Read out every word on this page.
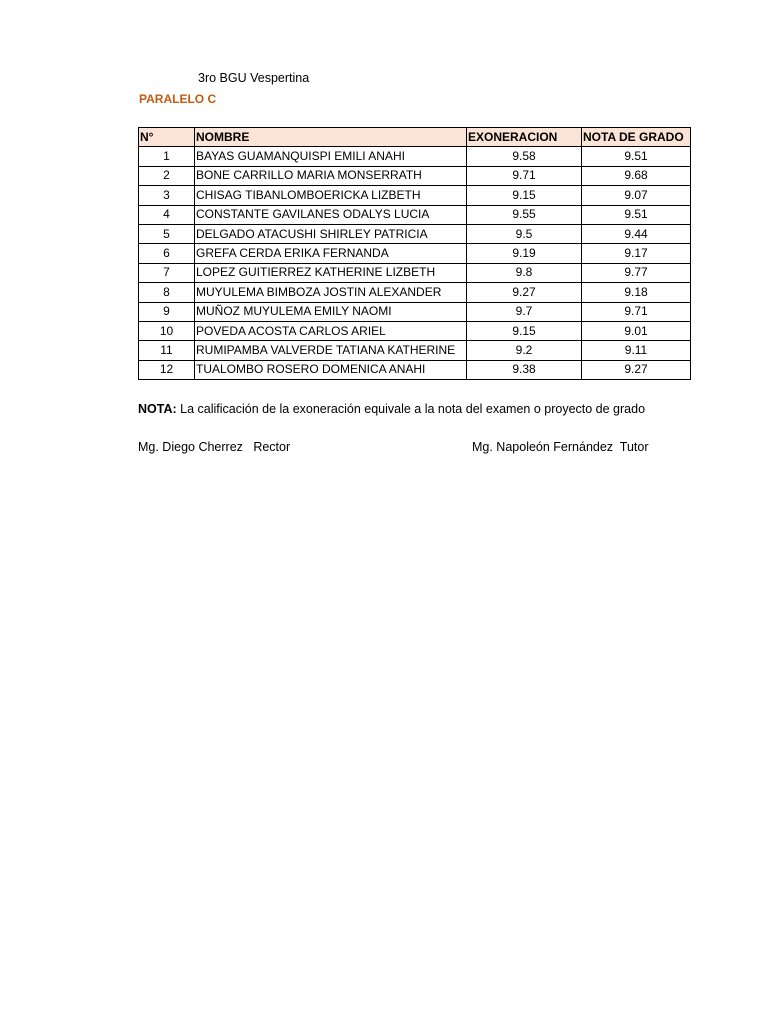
3ro BGU Vespertina
PARALELO C
N°	NOMBRE	EXONERACION	NOTA DE GRADO
1	BAYAS GUAMANQUISPI EMILI ANAHI	9.58	9.51
2	BONE CARRILLO MARIA MONSERRATH	9.71	9.68
3	CHISAG TIBANLOMBOERICKA LIZBETH	9.15	9.07
4	CONSTANTE GAVILANES ODALYS LUCIA	9.55	9.51
5	DELGADO ATACUSHI SHIRLEY PATRICIA	9.5	9.44
6	GREFA CERDA ERIKA FERNANDA	9.19	9.17
7	LOPEZ GUITIERREZ KATHERINE LIZBETH	9.8	9.77
8	MUYULEMA BIMBOZA JOSTIN ALEXANDER	9.27	9.18
9	MUÑOZ MUYULEMA EMILY NAOMI	9.7	9.71
10	POVEDA ACOSTA CARLOS ARIEL	9.15	9.01
11	RUMIPAMBA VALVERDE TATIANA KATHERINE	9.2	9.11
12	TUALOMBO ROSERO DOMENICA ANAHI	9.38	9.27
NOTA: La calificación de la exoneración equivale a la nota del examen o proyecto de grado
Mg. Diego Cherrez   Rector	Mg. Napoleón Fernández  Tutor
